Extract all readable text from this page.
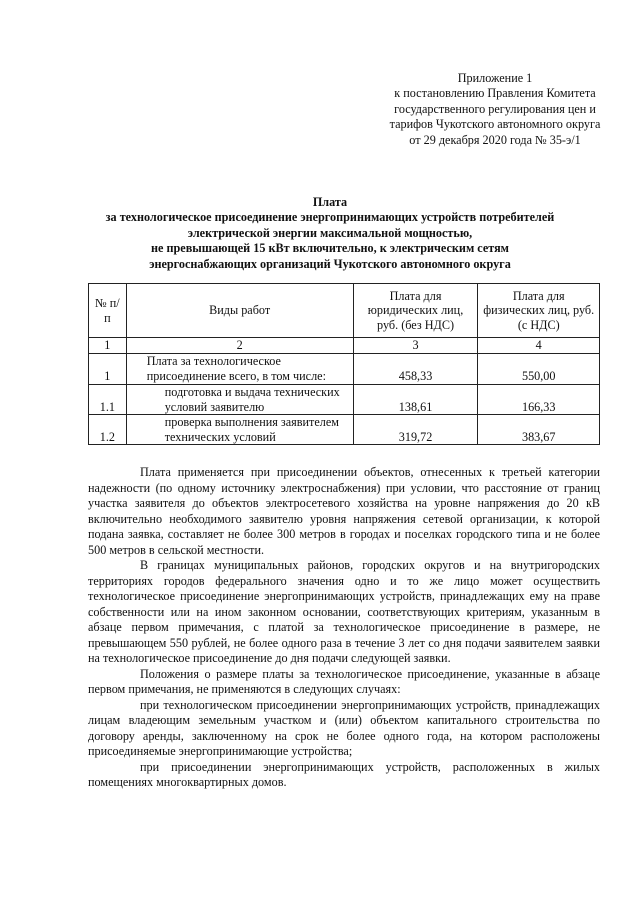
Приложение 1
к постановлению Правления Комитета
государственного регулирования цен и
тарифов Чукотского автономного округа
от 29 декабря 2020 года № 35-э/1
Плата
за технологическое присоединение энергопринимающих устройств потребителей
электрической энергии максимальной мощностью,
не превышающей 15 кВт включительно, к электрическим сетям
энергоснабжающих организаций Чукотского автономного округа
№ п/п	Виды работ	Плата для юридических лиц, руб. (без НДС)	Плата для физических лиц, руб. (с НДС)
1	2	3	4
1	Плата за технологическое присоединение всего, в том числе:	458,33	550,00
1.1	подготовка и выдача технических условий заявителю	138,61	166,33
1.2	проверка выполнения заявителем технических условий	319,72	383,67

Плата применяется при присоединении объектов, отнесенных к третьей категории надежности (по одному источнику электроснабжения) при условии, что расстояние от границ участка заявителя до объектов электросетевого хозяйства на уровне напряжения до 20 кВ включительно необходимого заявителю уровня напряжения сетевой организации, к которой подана заявка, составляет не более 300 метров в городах и поселках городского типа и не более 500 метров в сельской местности.

В границах муниципальных районов, городских округов и на внутригородских территориях городов федерального значения одно и то же лицо может осуществить технологическое присоединение энергопринимающих устройств, принадлежащих ему на праве собственности или на ином законном основании, соответствующих критериям, указанным в абзаце первом примечания, с платой за технологическое присоединение в размере, не превышающем 550 рублей, не более одного раза в течение 3 лет со дня подачи заявителем заявки на технологическое присоединение до дня подачи следующей заявки.

Положения о размере платы за технологическое присоединение, указанные в абзаце первом примечания, не применяются в следующих случаях:

при технологическом присоединении энергопринимающих устройств, принадлежащих лицам владеющим земельным участком и (или) объектом капитального строительства по договору аренды, заключенному на срок не более одного года, на котором расположены присоединяемые энергопринимающие устройства;

при присоединении энергопринимающих устройств, расположенных в жилых помещениях многоквартирных домов.
